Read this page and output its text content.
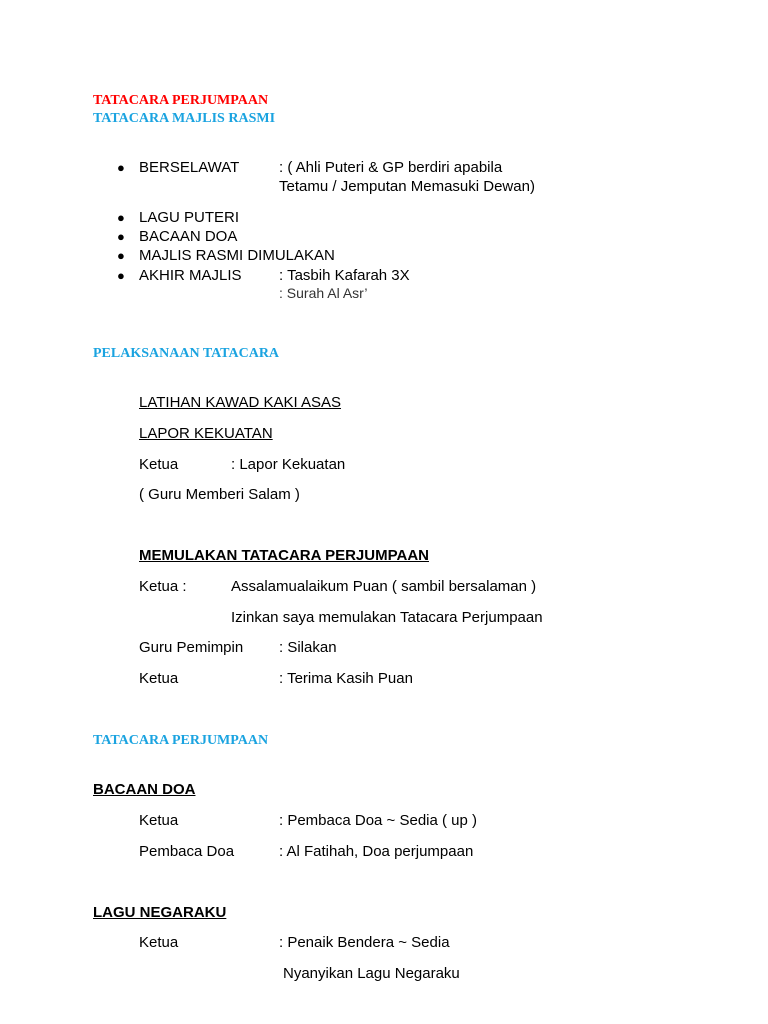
TATACARA PERJUMPAAN
TATACARA MAJLIS RASMI
● BERSELAWAT	: ( Ahli Puteri & GP berdiri apabila
Tetamu / Jemputan Memasuki Dewan)
● LAGU PUTERI
● BACAAN DOA
● MAJLIS RASMI DIMULAKAN
● AKHIR MAJLIS : Tasbih Kafarah 3X
: Surah Al Asr’
PELAKSANAAN TATACARA
LATIHAN KAWAD KAKI ASAS
LAPOR KEKUATAN
Ketua	: Lapor Kekuatan
( Guru Memberi Salam )
MEMULAKAN TATACARA PERJUMPAAN
Ketua :	Assalamualaikum Puan ( sambil bersalaman )
Izinkan saya memulakan Tatacara Perjumpaan
Guru Pemimpin : Silakan
Ketua	: Terima Kasih Puan
TATACARA PERJUMPAAN
BACAAN DOA
Ketua	: Pembaca Doa ~ Sedia ( up )
Pembaca Doa	: Al Fatihah, Doa perjumpaan
LAGU NEGARAKU
Ketua	: Penaik Bendera ~ Sedia
Nyanyikan Lagu Negaraku
